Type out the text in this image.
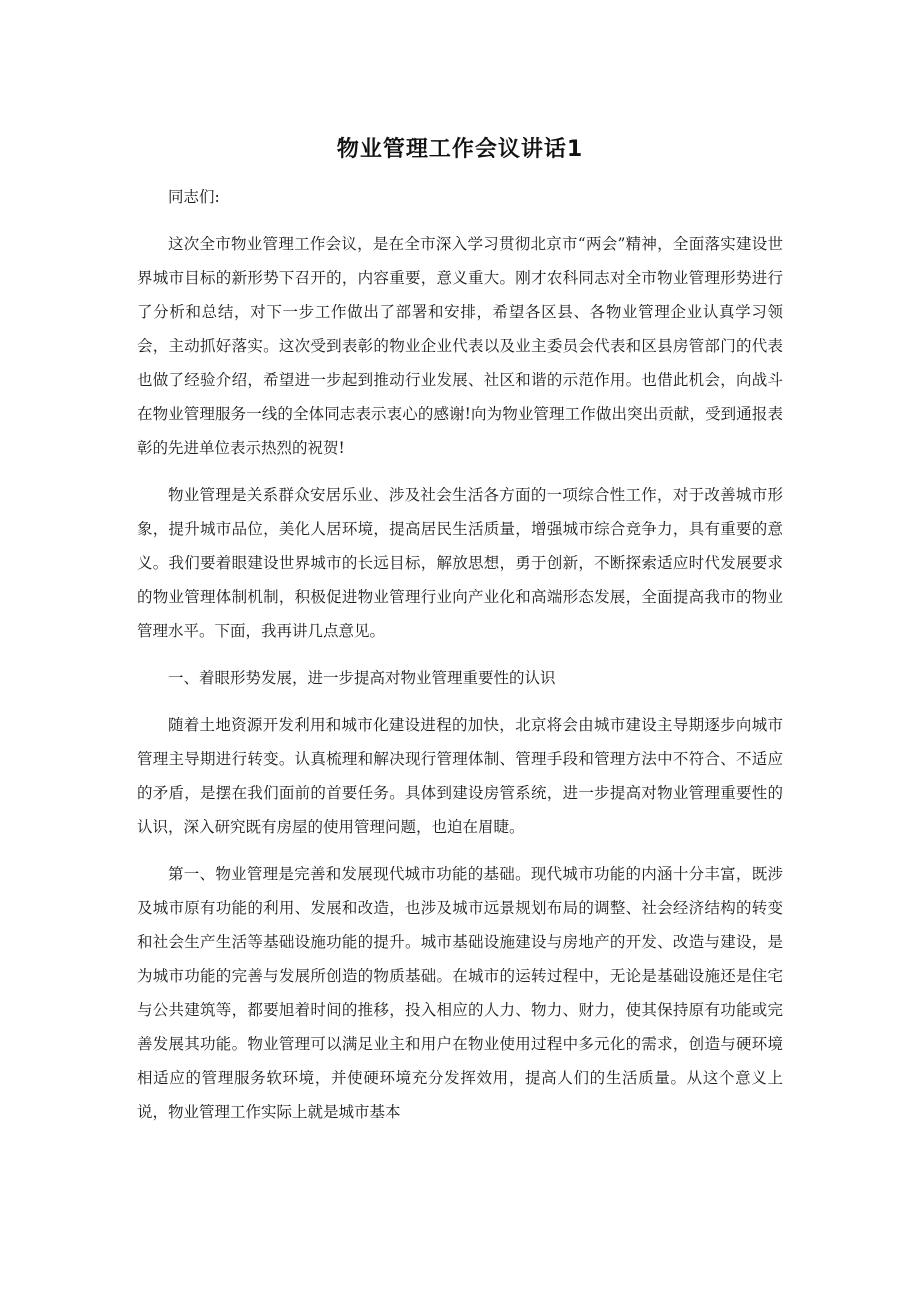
物业管理工作会议讲话1

同志们:

这次全市物业管理工作会议，是在全市深入学习贯彻北京市“两会”精神，全面落实建设世界城市目标的新形势下召开的，内容重要，意义重大。刚才农科同志对全市物业管理形势进行了分析和总结，对下一步工作做出了部署和安排，希望各区县、各物业管理企业认真学习领会，主动抓好落实。这次受到表彰的物业企业代表以及业主委员会代表和区县房管部门的代表也做了经验介绍，希望进一步起到推动行业发展、社区和谐的示范作用。也借此机会，向战斗在物业管理服务一线的全体同志表示衷心的感谢!向为物业管理工作做出突出贡献，受到通报表彰的先进单位表示热烈的祝贺!

物业管理是关系群众安居乐业、涉及社会生活各方面的一项综合性工作，对于改善城市形象，提升城市品位，美化人居环境，提高居民生活质量，增强城市综合竞争力，具有重要的意义。我们要着眼建设世界城市的长远目标，解放思想，勇于创新，不断探索适应时代发展要求的物业管理体制机制，积极促进物业管理行业向产业化和高端形态发展，全面提高我市的物业管理水平。下面，我再讲几点意见。

一、着眼形势发展，进一步提高对物业管理重要性的认识

随着土地资源开发利用和城市化建设进程的加快，北京将会由城市建设主导期逐步向城市管理主导期进行转变。认真梳理和解决现行管理体制、管理手段和管理方法中不符合、不适应的矛盾，是摆在我们面前的首要任务。具体到建设房管系统，进一步提高对物业管理重要性的认识，深入研究既有房屋的使用管理问题，也迫在眉睫。

第一、物业管理是完善和发展现代城市功能的基础。现代城市功能的内涵十分丰富，既涉及城市原有功能的利用、发展和改造，也涉及城市远景规划布局的调整、社会经济结构的转变和社会生产生活等基础设施功能的提升。城市基础设施建设与房地产的开发、改造与建设，是为城市功能的完善与发展所创造的物质基础。在城市的运转过程中，无论是基础设施还是住宅与公共建筑等，都要旭着时间的推移，投入相应的人力、物力、财力，使其保持原有功能或完善发展其功能。物业管理可以满足业主和用户在物业使用过程中多元化的需求，创造与硬环境相适应的管理服务软环境，并使硬环境充分发挥效用，提高人们的生活质量。从这个意义上说，物业管理工作实际上就是城市基本
